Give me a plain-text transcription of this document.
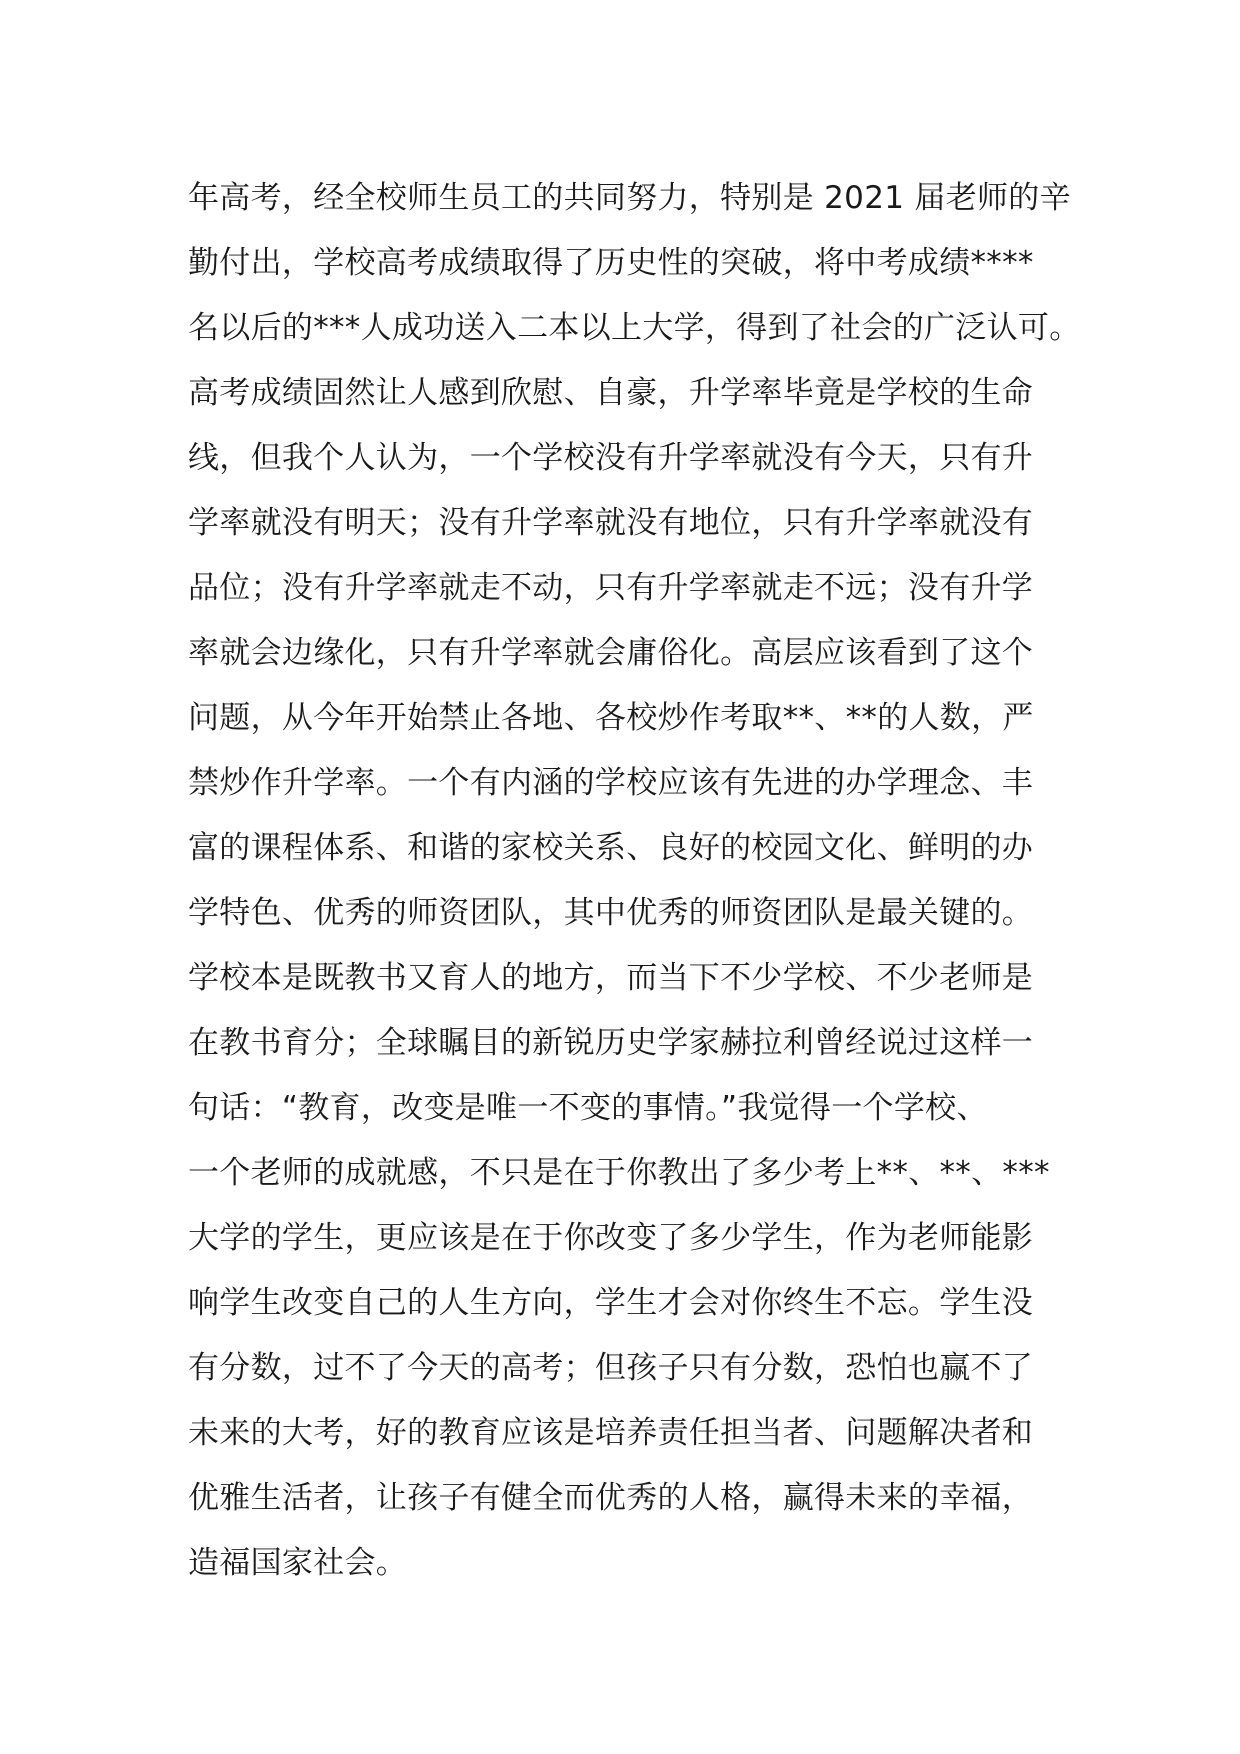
年高考，经全校师生员工的共同努力，特别是 2021 届老师的辛
勤付出，学校高考成绩取得了历史性的突破，将中考成绩****
名以后的***人成功送入二本以上大学，得到了社会的广泛认可。
高考成绩固然让人感到欣慰、自豪，升学率毕竟是学校的生命
线，但我个人认为，一个学校没有升学率就没有今天，只有升
学率就没有明天；没有升学率就没有地位，只有升学率就没有
品位；没有升学率就走不动，只有升学率就走不远；没有升学
率就会边缘化，只有升学率就会庸俗化。高层应该看到了这个
问题，从今年开始禁止各地、各校炒作考取**、**的人数，严
禁炒作升学率。一个有内涵的学校应该有先进的办学理念、丰
富的课程体系、和谐的家校关系、良好的校园文化、鲜明的办
学特色、优秀的师资团队，其中优秀的师资团队是最关键的。
学校本是既教书又育人的地方，而当下不少学校、不少老师是
在教书育分；全球瞩目的新锐历史学家赫拉利曾经说过这样一
句话：“教育，改变是唯一不变的事情。”我觉得一个学校、
一个老师的成就感，不只是在于你教出了多少考上**、**、***
大学的学生，更应该是在于你改变了多少学生，作为老师能影
响学生改变自己的人生方向，学生才会对你终生不忘。学生没
有分数，过不了今天的高考；但孩子只有分数，恐怕也赢不了
未来的大考，好的教育应该是培养责任担当者、问题解决者和
优雅生活者，让孩子有健全而优秀的人格，赢得未来的幸福，
造福国家社会。
